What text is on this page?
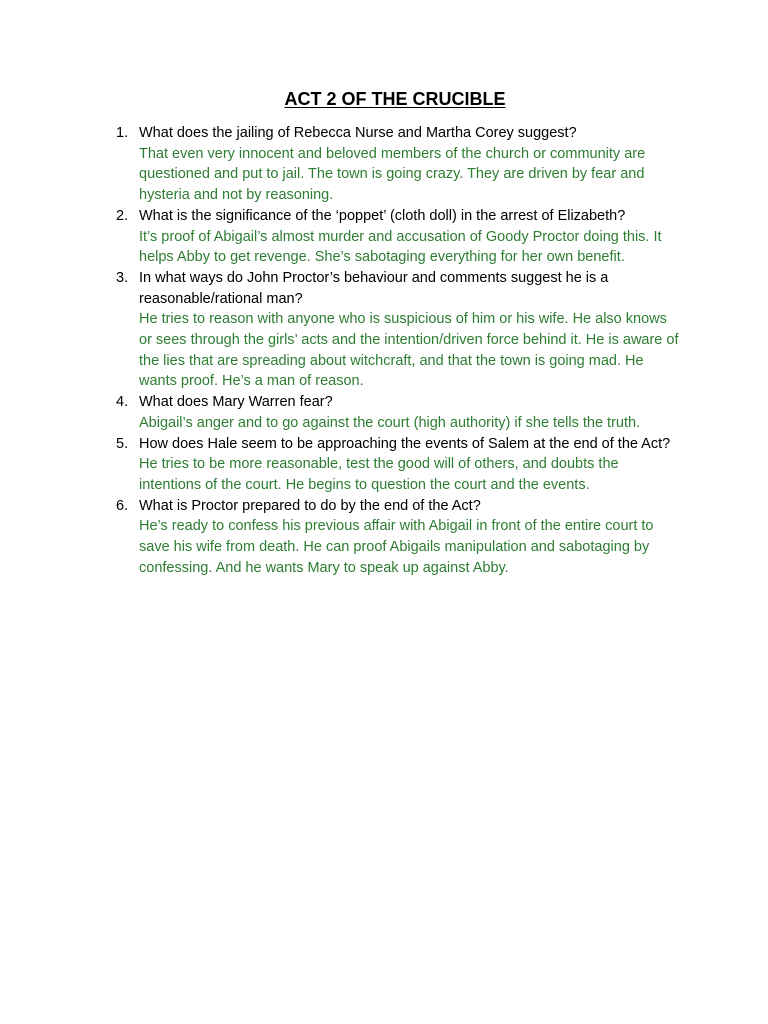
ACT 2 OF THE CRUCIBLE
1. What does the jailing of Rebecca Nurse and Martha Corey suggest?
That even very innocent and beloved members of the church or community are questioned and put to jail. The town is going crazy. They are driven by fear and hysteria and not by reasoning.
2. What is the significance of the ‘poppet’ (cloth doll) in the arrest of Elizabeth?
It’s proof of Abigail’s almost murder and accusation of Goody Proctor doing this. It helps Abby to get revenge. She’s sabotaging everything for her own benefit.
3. In what ways do John Proctor’s behaviour and comments suggest he is a reasonable/rational man?
He tries to reason with anyone who is suspicious of him or his wife. He also knows or sees through the girls’ acts and the intention/driven force behind it. He is aware of the lies that are spreading about witchcraft, and that the town is going mad. He wants proof. He’s a man of reason.
4. What does Mary Warren fear?
Abigail’s anger and to go against the court (high authority) if she tells the truth.
5. How does Hale seem to be approaching the events of Salem at the end of the Act?
He tries to be more reasonable, test the good will of others, and doubts the intentions of the court. He begins to question the court and the events.
6. What is Proctor prepared to do by the end of the Act?
He’s ready to confess his previous affair with Abigail in front of the entire court to save his wife from death. He can proof Abigails manipulation and sabotaging by confessing. And he wants Mary to speak up against Abby.
